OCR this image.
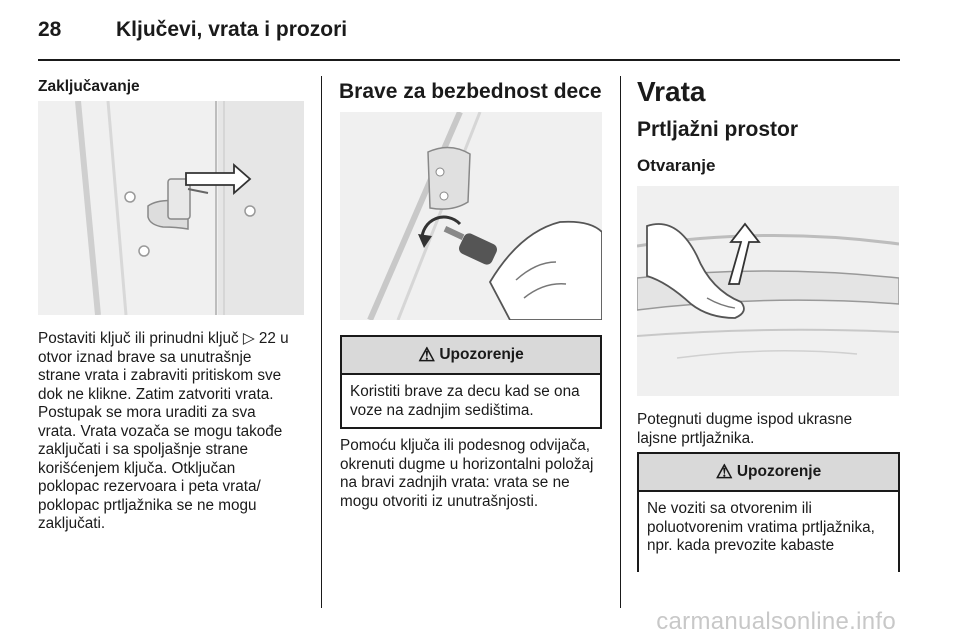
28	Ključevi, vrata i prozori
Zaključavanje
Postaviti ključ ili prinudni ključ ▷ 22 u
otvor iznad brave sa unutrašnje
strane vrata i zabraviti pritiskom sve
dok ne klikne. Zatim zatvoriti vrata.
Postupak se mora uraditi za sva
vrata. Vrata vozača se mogu takođe
zaključati i sa spoljašnje strane
korišćenjem ključa. Otključan
poklopac rezervoara i peta vrata/
poklopac prtljažnika se ne mogu
zaključati.
Brave za bezbednost dece
⚠ Upozorenje
Koristiti brave za decu kad se ona
voze na zadnjim sedištima.
Pomoću ključa ili podesnog odvijača,
okrenuti dugme u horizontalni položaj
na bravi zadnjih vrata: vrata se ne
mogu otvoriti iz unutrašnjosti.
Vrata
Prtljažni prostor
Otvaranje
Potegnuti dugme ispod ukrasne
lajsne prtljažnika.
⚠ Upozorenje
Ne voziti sa otvorenim ili
poluotvorenim vratima prtljažnika,
npr. kada prevozite kabaste
carmanualsonline.info
